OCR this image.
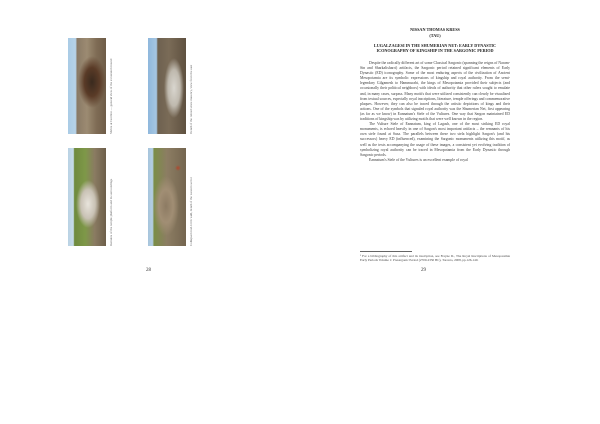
Shrine at Gordion — general view of the excavated mound	Detail of the ruined stone masonry, view from the east
Remains of the temple platform and its surroundings	Collapsed mud-brick wall, detail of the western sector
28
NISSAN THOMAS KRESS
(TAU)
LUGALZAGESI IN THE SHUMERIAN NET: EARLY DYNASTIC ICONOGRAPHY OF KINGSHIP IN THE SARGONIC PERIOD

Despite the radically different art of some Classical Sargonic (spanning the reigns of Naram-Sin and Sharkalisharri) artifacts, the Sargonic period retained significant elements of Early Dynastic (ED) iconography. Some of the most enduring aspects of the civilization of Ancient Mesopotamia are its symbolic expressions of kingship and royal authority. From the semi-legendary Gilgamesh to Hammurabi, the kings of Mesopotamia provided their subjects (and occasionally their political neighbors) with ideals of authority that other rulers sought to emulate and, in many cases, surpass. Many motifs that were utilized consistently can clearly be visualized from textual sources, especially royal inscriptions, literature, temple offerings and commemorative plaques. However, they can also be traced through the artistic depictions of kings and their actions. One of the symbols that signaled royal authority was the Shumerian Net, first appearing (as far as we know) in Eannatum's Stele of the Vultures. One way that Sargon maintained ED traditions of kingship was by utilizing motifs that were well known in the region.

The Vulture Stele of Eannatum, king of Lagash, one of the most striking ED royal monuments, is echoed heavily in one of Sargon's most important artifacts – the remnants of his own stele found at Susa. The parallels between these two stela highlight Sargon's (and his successors) heavy ED (influenced), examining the Sargonic monuments utilizing this motif, as well as the texts accompanying the usage of these images, a consistent yet evolving tradition of symbolizing royal authority can be traced in Mesopotamia from the Early Dynastic through Sargonic periods.

Eannatum's Stele of the Vultures is an excellent example of royal

¹ For a bibliography of this artifact and its inscription, see Frayne D., The Royal Inscriptions of Mesopotamia Early Periods Volume 1: Presargonic Period (2700-2350 BC), Toronto, 2008, pp.126-140.
29
